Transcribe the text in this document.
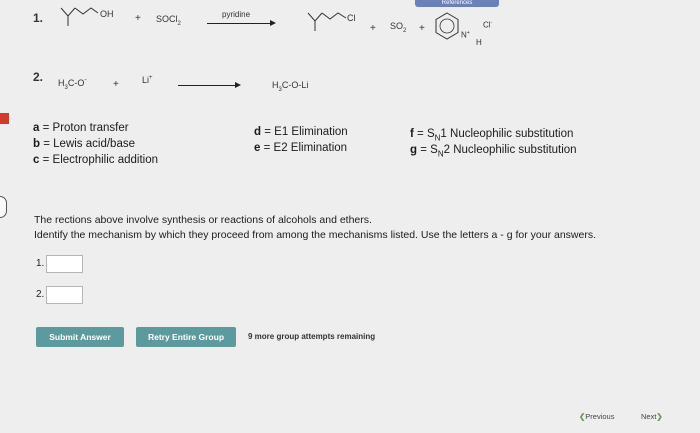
References
1.	OH + SOCl$_2$
pyridine	Cl
+ $SO_2$ +
N+
H
Cl-
2. $H_3C-O^-$	+	Li+
$H_3C-O-Li$
a = Proton transfer
b = Lewis acid/base
c = Electrophilic addition
d = E1 Elimination
e = E2 Elimination
$f = S_N1$ Nucleophilic substitution
$g = S_N2$ Nucleophilic substitution
The rections above involve synthesis or reactions of alcohols and ethers.
Identify the mechanism by which they proceed from among the mechanisms listed. Use the letters a - g for your answers.
1.
2.
Submit Answer	Retry Entire Group	9 more group attempts remaining
❮Previous	Next❯
